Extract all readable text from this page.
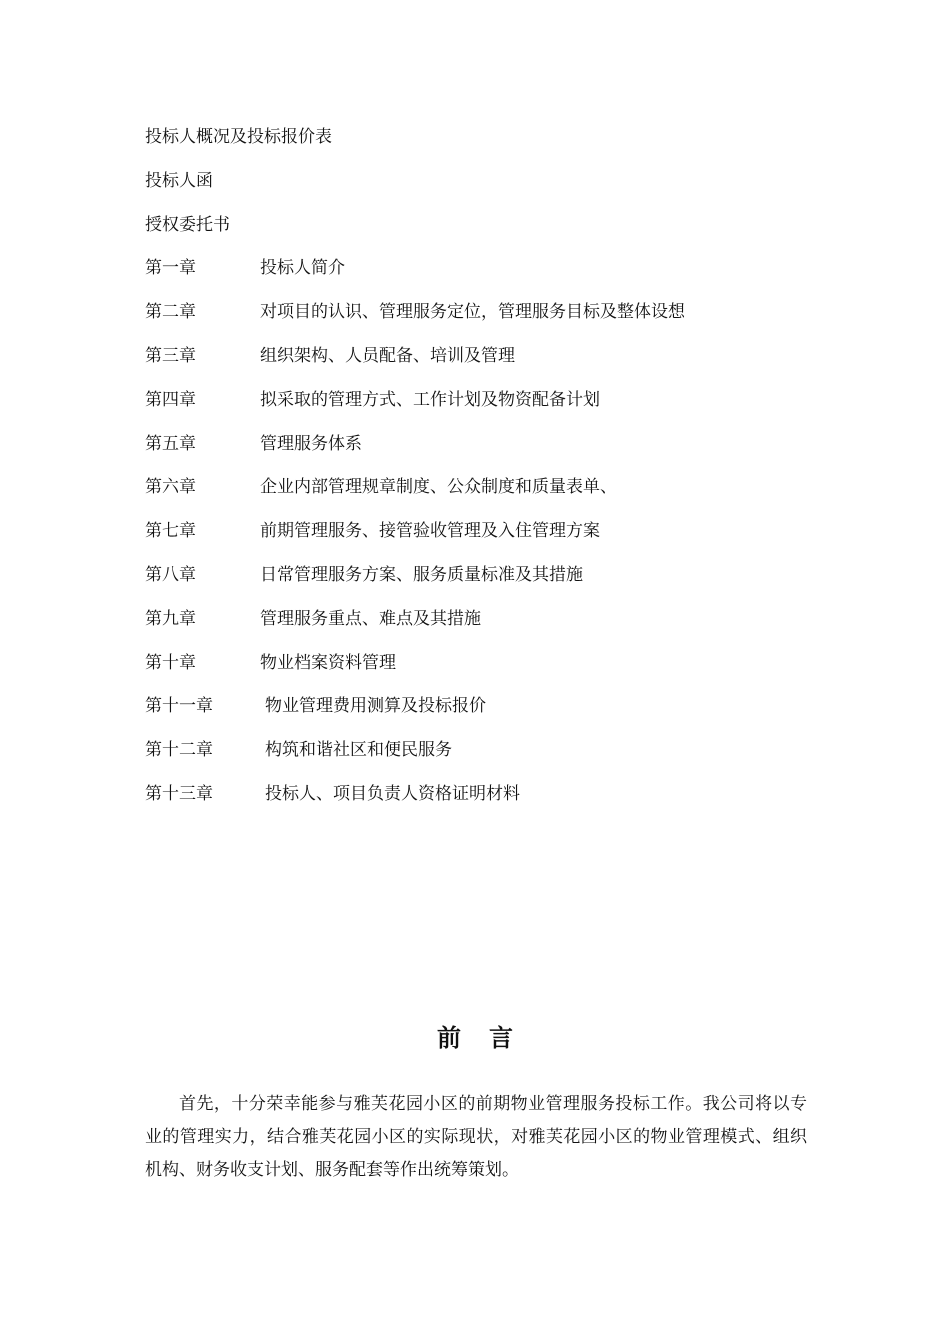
投标人概况及投标报价表
投标人函
授权委托书
第一章	投标人简介
第二章	对项目的认识、管理服务定位，管理服务目标及整体设想
第三章	组织架构、人员配备、培训及管理
第四章	拟采取的管理方式、工作计划及物资配备计划
第五章	管理服务体系
第六章	企业内部管理规章制度、公众制度和质量表单、
第七章	前期管理服务、接管验收管理及入住管理方案
第八章	日常管理服务方案、服务质量标准及其措施
第九章	管理服务重点、难点及其措施
第十章	物业档案资料管理
第十一章	物业管理费用测算及投标报价
第十二章	构筑和谐社区和便民服务
第十三章	投标人、项目负责人资格证明材料
前言
首先，十分荣幸能参与雅芙花园小区的前期物业管理服务投标工作。我公司将以专业的管理实力，结合雅芙花园小区的实际现状，对雅芙花园小区的物业管理模式、组织机构、财务收支计划、服务配套等作出统筹策划。
